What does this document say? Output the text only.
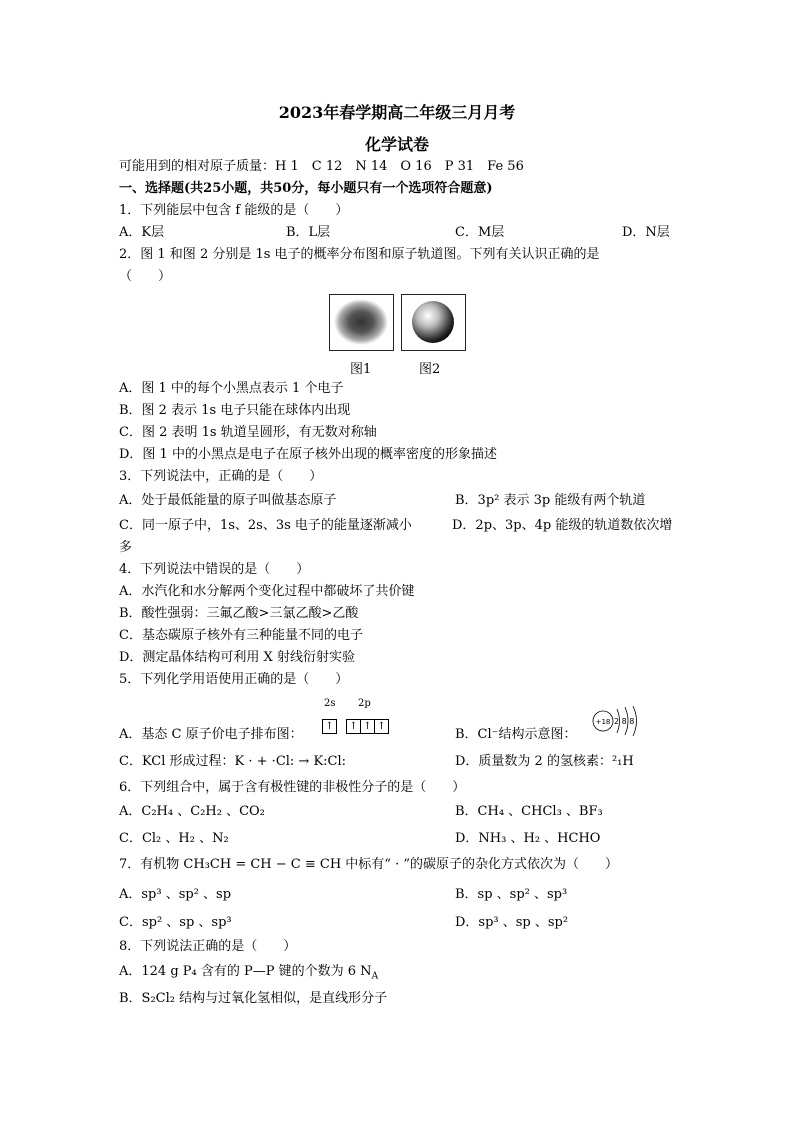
2023年春学期高二年级三月月考
化学试卷
可能用到的相对原子质量：H 1　C 12　N 14　O 16　P 31　Fe 56
一、选择题(共25小题，共50分，每小题只有一个选项符合题意)
1．下列能层中包含 f 能级的是（　　）
A．K层	B．L层	C．M层	D．N层
2．图 1 和图 2 分别是 1s 电子的概率分布图和原子轨道图。下列有关认识正确的是
（　　）
图1	图2
A．图 1 中的每个小黑点表示 1 个电子
B．图 2 表示 1s 电子只能在球体内出现
C．图 2 表明 1s 轨道呈圆形，有无数对称轴
D．图 1 中的小黑点是电子在原子核外出现的概率密度的形象描述
3．下列说法中，正确的是（　　）
A．处于最低能量的原子叫做基态原子	B．3p² 表示 3p 能级有两个轨道
C．同一原子中，1s、2s、3s 电子的能量逐渐减小	D．2p、3p、4p 能级的轨道数依次增
多
4．下列说法中错误的是（　　）
A．水汽化和水分解两个变化过程中都破坏了共价键
B．酸性强弱：三氟乙酸>三氯乙酸>乙酸
C．基态碳原子核外有三种能量不同的电子
D．测定晶体结构可利用 X 射线衍射实验
5．下列化学用语使用正确的是（　　）
2s 2p
↑	↑ ↑ ↑
A．基态 C 原子价电子排布图：	B．Cl⁻结构示意图：
+18 2 8 8
C．KCl 形成过程：K · + ·Cl: → K:Cl:	D．质量数为 2 的氢核素：²₁H
6．下列组合中，属于含有极性键的非极性分子的是（　　）
A．C₂H₄ 、C₂H₂ 、CO₂	B．CH₄ 、CHCl₃ 、BF₃
C．Cl₂ 、H₂ 、N₂	D．NH₃ 、H₂ 、HCHO
7．有机物 CH₃CH = CH − C ≡ CH 中标有“ · ”的碳原子的杂化方式依次为（　　）
A．sp³ 、sp² 、sp	B．sp 、sp² 、sp³
C．sp² 、sp 、sp³	D．sp³ 、sp 、sp²
8．下列说法正确的是（　　）
A．124 g P₄ 含有的 P—P 键的个数为 6 $N_A$
B．S₂Cl₂ 结构与过氧化氢相似，是直线形分子
